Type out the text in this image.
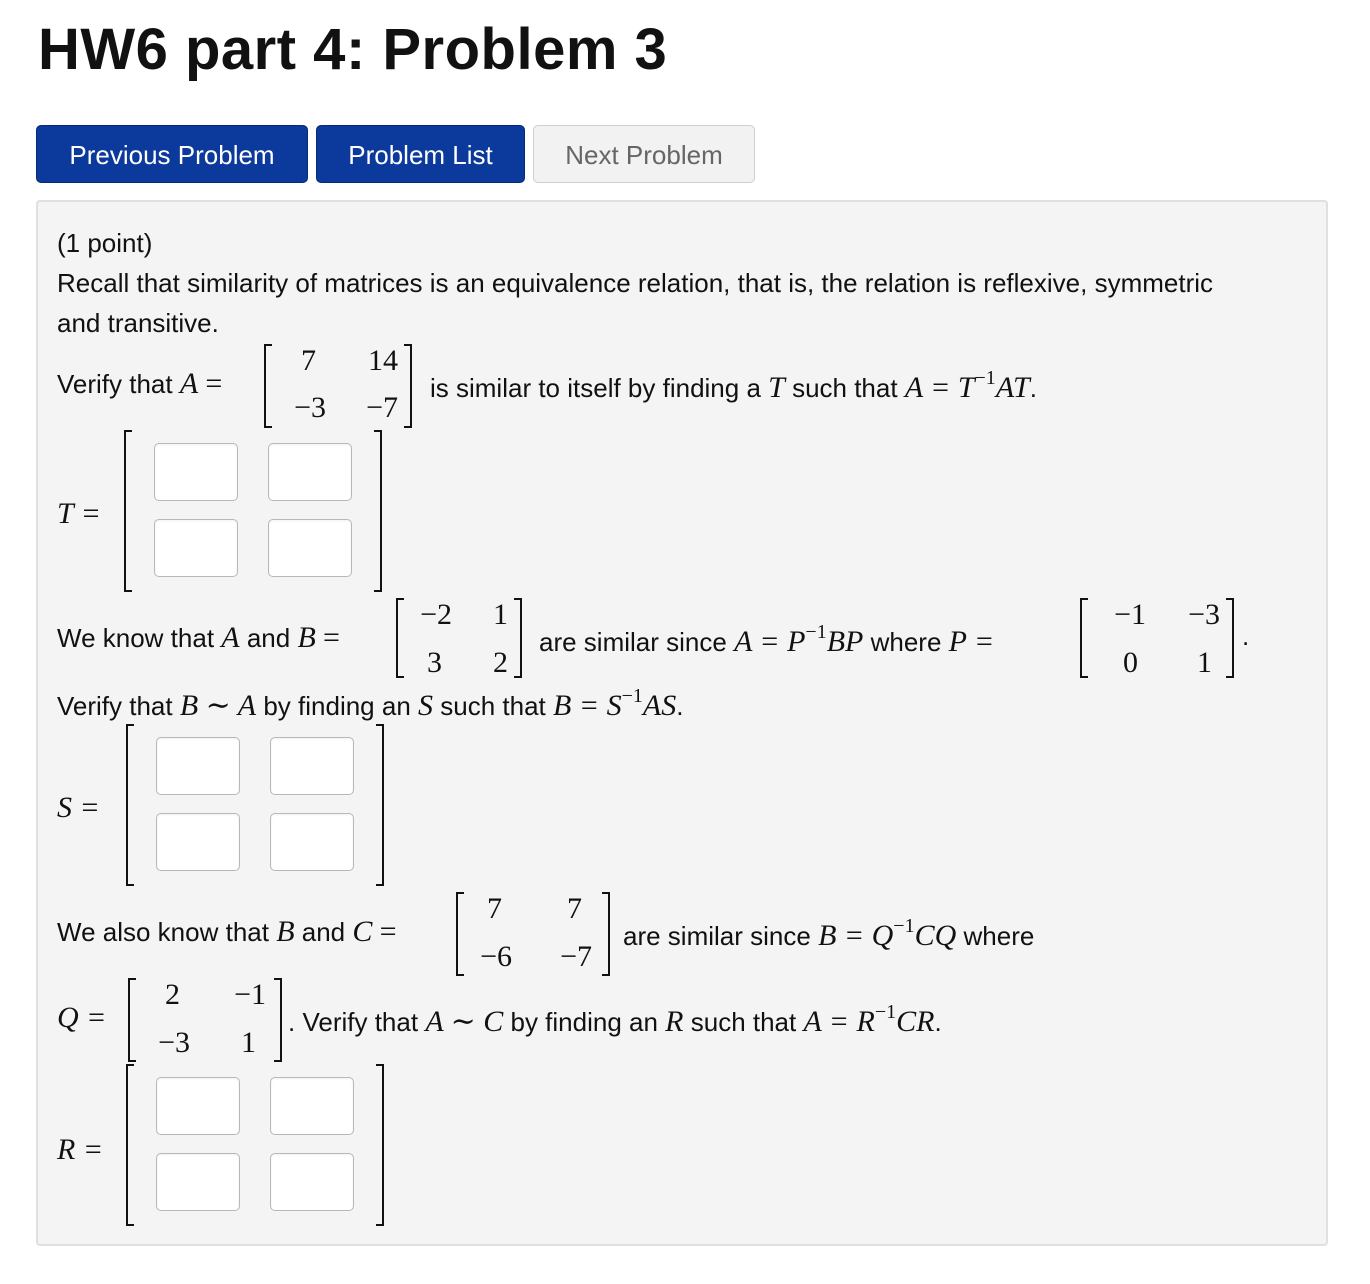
HW6 part 4: Problem 3
Previous Problem	Problem List	Next Problem
(1 point)
Recall that similarity of matrices is an equivalence relation, that is, the relation is reflexive, symmetric
and transitive.
Verify that A =
7	14
−3	−7
is similar to itself by finding a T such that $A = T^{-1}AT$.
T =
We know that A and B =
−2	1
3	2
are similar since $A = P^{-1}BP$ where P =
−1	−3
0	1
.
Verify that B ∼ A by finding an S such that $B = S^{-1}AS$.
S =
We also know that B and C =
7	7
−6	−7
are similar since $B = Q^{-1}CQ$ where
Q =
2	−1
−3	1
. Verify that A ∼ C by finding an R such that $A = R^{-1}CR$.
R =
